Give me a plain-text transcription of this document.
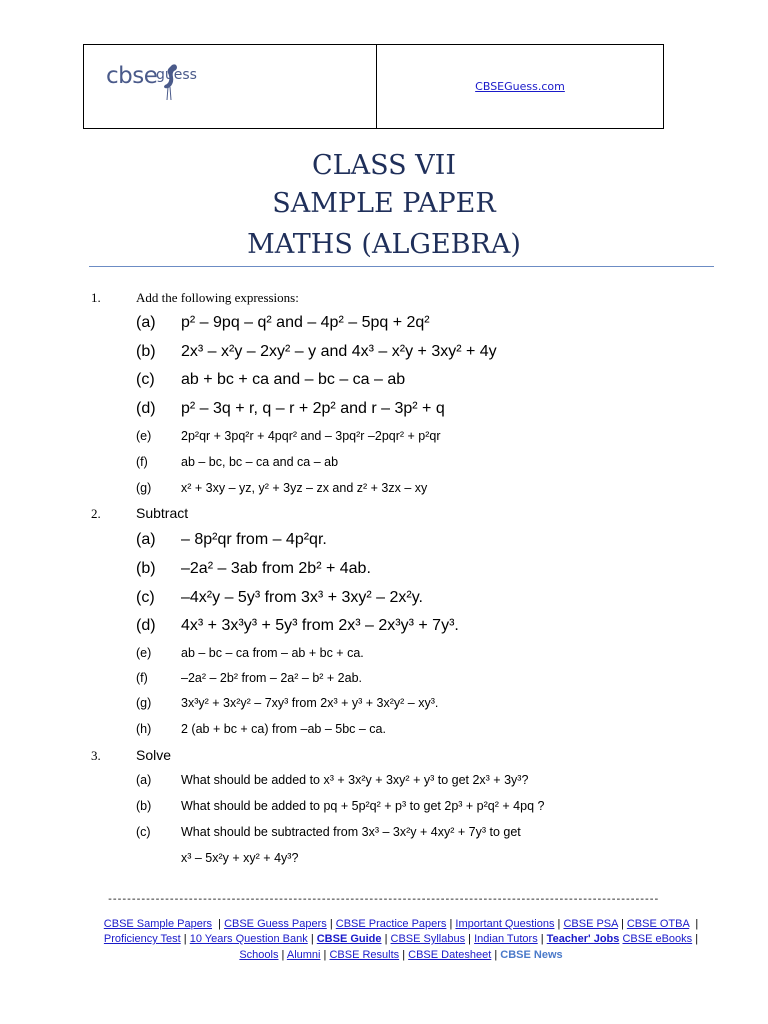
cbse
guess
CBSEGuess.com
CLASS VII
SAMPLE PAPER
MATHS (ALGEBRA)
1.	Add the following expressions:
(a) p² – 9pq – q² and – 4p² – 5pq + 2q²
(b) 2x³ – x²y – 2xy² – y and 4x³ – x²y + 3xy² + 4y
(c) ab + bc + ca and – bc – ca – ab
(d) p² – 3q + r, q – r + 2p² and r – 3p² + q
(e) 2p²qr + 3pq²r + 4pqr² and – 3pq²r –2pqr² + p²qr
(f)	ab – bc, bc – ca and ca – ab
(g) x² + 3xy – yz, y² + 3yz – zx and z² + 3zx – xy
2.	Subtract
(a) – 8p²qr from – 4p²qr.
(b) –2a² – 3ab from 2b² + 4ab.
(c) –4x²y – 5y³ from 3x³ + 3xy² – 2x²y.
(d) 4x³ + 3x³y³ + 5y³ from 2x³ – 2x³y³ + 7y³.
(e) ab – bc – ca from – ab + bc + ca.
(f)	–2a² – 2b² from – 2a² – b² + 2ab.
(g) 3x³y² + 3x²y² – 7xy³ from 2x³ + y³ + 3x²y² – xy³.
(h) 2 (ab + bc + ca) from –ab – 5bc – ca.
3.	Solve
(a) What should be added to x³ + 3x²y + 3xy² + y³ to get 2x³ + 3y³?
(b) What should be added to pq + 5p²q² + p³ to get 2p³ + p²q² + 4pq ?
(c) What should be subtracted from 3x³ – 3x²y + 4xy² + 7y³ to get
x³ – 5x²y + xy² + 4y³?
--------------------------------------------------------------------------------------------------------------------
CBSE Sample Papers  | CBSE Guess Papers | CBSE Practice Papers | Important Questions | CBSE PSA | CBSE OTBA  |
Proficiency Test | 10 Years Question Bank | CBSE Guide | CBSE Syllabus | Indian Tutors | Teacher' Jobs CBSE eBooks |
Schools | Alumni | CBSE Results | CBSE Datesheet | CBSE News
